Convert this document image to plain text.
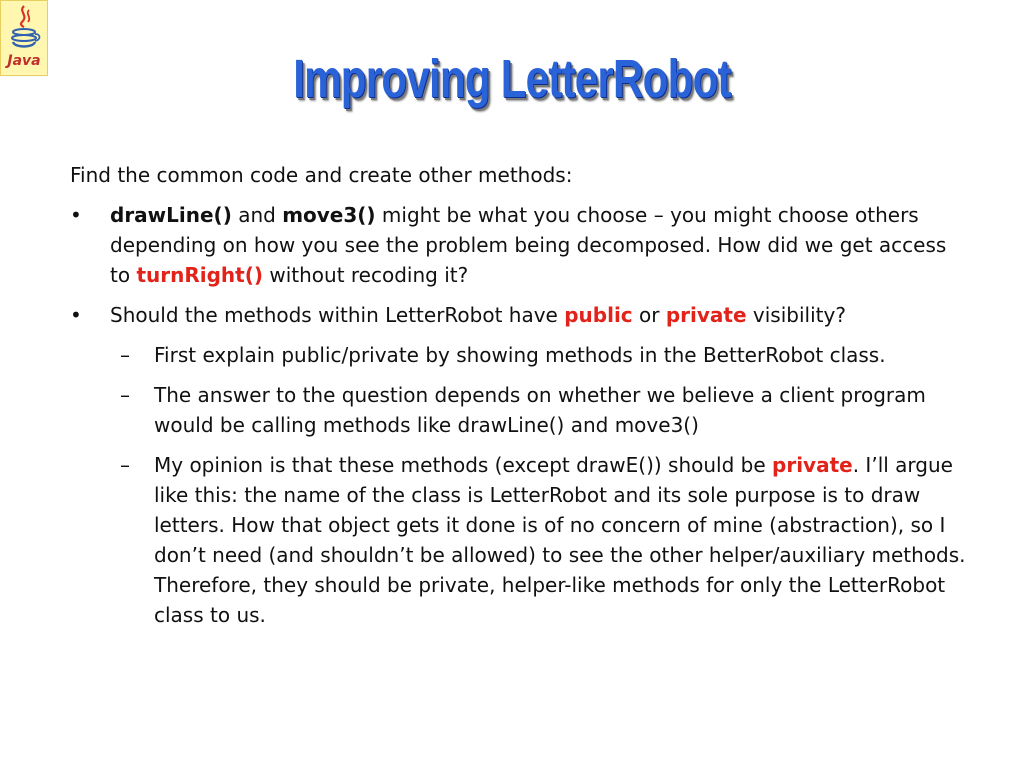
Java	Improving LetterRobot

Find the common code and create other methods:

• drawLine() and move3() might be what you choose – you might choose others depending on how you see the problem being decomposed. How did we get access to turnRight() without recoding it?
• Should the methods within LetterRobot have public or private visibility?
– First explain public/private by showing methods in the BetterRobot class.
– The answer to the question depends on whether we believe a client program would be calling methods like drawLine() and move3()
– My opinion is that these methods (except drawE()) should be private. I’ll argue like this: the name of the class is LetterRobot and its sole purpose is to draw letters. How that object gets it done is of no concern of mine (abstraction), so I don’t need (and shouldn’t be allowed) to see the other helper/auxiliary methods. Therefore, they should be private, helper-like methods for only the LetterRobot class to us.
